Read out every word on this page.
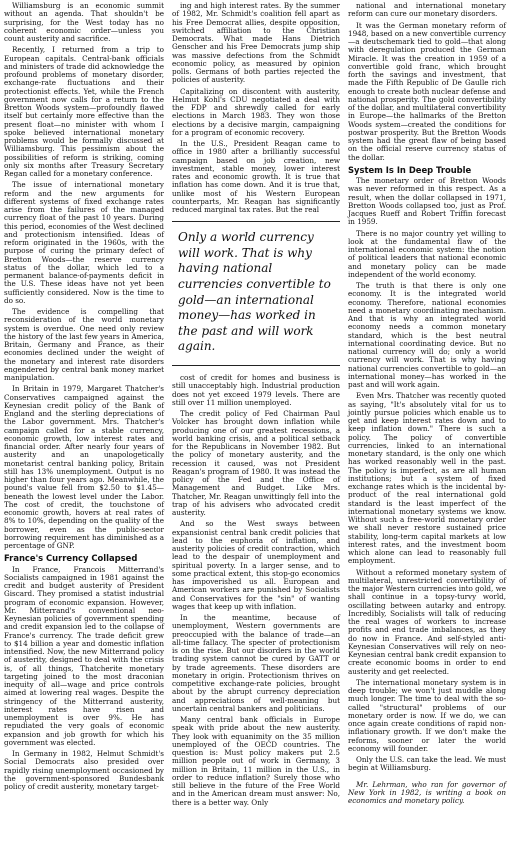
Williamsburg is an economic summit without an agenda. That shouldn't be surprising, for the West today has no coherent economic order—unless you count austerity and sacrifice.

Recently, I returned from a trip to European capitals. Central-bank officials and ministers of trade did acknowledge the profound problems of monetary disorder, exchange-rate fluctuations and their protectionist effects. Yet, while the French government now calls for a return to the Bretton Woods system—profoundly flawed itself but certainly more effective than the present float—no minister with whom I spoke believed international monetary problems would be formally discussed at Williamsburg. This pessimism about the possibilities of reform is striking, coming only six months after Treasury Secretary Regan called for a monetary conference.

The issue of international monetary reform and the new arguments for different systems of fixed exchange rates arise from the failures of the managed currency float of the past 10 years. During this period, economies of the West declined and protectionism intensified. Ideas of reform originated in the 1960s, with the purpose of curing the primary defect of Bretton Woods—the reserve currency status of the dollar, which led to a permanent balance-of-payments deficit in the U.S. These ideas have not yet been sufficiently considered. Now is the time to do so.

The evidence is compelling that reconsideration of the world monetary system is overdue. One need only review the history of the last few years in America, Britain, Germany and France, as their economies declined under the weight of the monetary and interest rate disorders engendered by central bank money market manipulation.

In Britain in 1979, Margaret Thatcher's Conservatives campaigned against the Keynesian credit policy of the Bank of England and the sterling depreciations of the Labor government. Mrs. Thatcher's campaign called for a stable currency, economic growth, low interest rates and financial order. After nearly four years of austerity and an unapologetically monetarist central banking policy, Britain still has 13% unemployment. Output is no higher than four years ago. Meanwhile, the pound's value fell from $2.50 to $1.45—beneath the lowest level under the Labor. The cost of credit, the touchstone of economic growth, hovers at real rates of 8% to 10%, depending on the quality of the borrower, even as the public-sector borrowing requirement has diminished as a percentage of GNP.

France's Currency Collapsed

In France, Francois Mitterrand's Socialists campaigned in 1981 against the credit and budget austerity of President Giscard. They promised a statist industrial program of economic expansion. However, Mr. Mitterrand's conventional neo-Keynesian policies of government spending and credit expansion led to the collapse of France's currency. The trade deficit grew to $14 billion a year and domestic inflation intensified. Now, the new Mitterrand policy of austerity, designed to deal with the crisis is, of all things, Thatcherite monetary targeting joined to the most draconian inequity of all—wage and price controls aimed at lowering real wages. Despite the stringency of the Mitterrand austerity, interest rates have risen and unemployment is over 9%. He has repudiated the very goals of economic expansion and job growth for which his government was elected.

In Germany in 1982, Helmut Schmidt's Social Democrats also presided over rapidly rising unemployment occasioned by the government-sponsored Bundesbank policy of credit austerity, monetary target-

ing and high interest rates. By the summer of 1982, Mr. Schmidt's coalition fell apart as his Free Democrat allies, despite opposition, switched affiliation to the Christian Democrats. What made Hans Dietrich Genscher and his Free Democrats jump ship was massive defections from the Schmidt economic policy, as measured by opinion polls. Germans of both parties rejected the policies of austerity.

Capitalizing on discontent with austerity, Helmut Kohl's CDU negotiated a deal with the FDP and shrewdly called for early elections in March 1983. They won those elections by a decisive margin, campaigning for a program of economic recovery.

In the U.S., President Reagan came to office in 1980 after a brilliantly successful campaign based on job creation, new investment, stable money, lower interest rates and economic growth. It is true that inflation has come down. And it is true that, unlike most of his Western European counterparts, Mr. Reagan has significantly reduced marginal tax rates. But the real

Only a world currency will work. That is why having national currencies convertible to gold—an international money—has worked in the past and will work again.

cost of credit for homes and business is still unacceptably high. Industrial production does not yet exceed 1979 levels. There are still over 11 million unemployed.

The credit policy of Fed Chairman Paul Volcker has brought down inflation while producing one of our greatest recessions, a world banking crisis, and a political setback for the Republicans in November 1982. But the policy of monetary austerity, and the recession it caused, was not President Reagan's program of 1980. It was instead the policy of the Fed and the Office of Management and Budget. Like Mrs. Thatcher, Mr. Reagan unwittingly fell into the trap of his advisers who advocated credit austerity.

And so the West sways between expansionist central bank credit policies that lead to the euphoria of inflation, and austerity policies of credit contraction, which lead to the despair of unemployment and spiritual poverty. In a larger sense, and to some practical extent, this stop-go economics has impoverished us all. European and American workers are punished by Socialists and Conservatives for the "sin" of wanting wages that keep up with inflation.

In the meantime, because of unemployment, Western governments are preoccupied with the balance of trade—an all-time fallacy. The specter of protectionism is on the rise. But our disorders in the world trading system cannot be cured by GATT or by trade agreements. These disorders are monetary in origin. Protectionism thrives on competitive exchange-rate policies, brought about by the abrupt currency depreciation and appreciations of well-meaning but uncertain central bankers and politicians.

Many central bank officials in Europe speak with pride about the new austerity. They look with equanimity on the 35 million unemployed of the OECD countries. The question is: Must policy makers put 2.5 million people out of work in Germany, 3 million in Britain, 11 million in the U.S., in order to reduce inflation? Surely those who still believe in the future of the Free World and in the American dream must answer: No, there is a better way. Only

national and international monetary reform can cure our monetary disorders.

It was the German monetary reform of 1948, based on a new convertible currency—a deutschemark tied to gold—that along with deregulation produced the German Miracle. It was the creation in 1959 of a convertible gold franc, which brought forth the savings and investment, that made the Fifth Republic of De Gaulle rich enough to create both nuclear defense and national prosperity. The gold convertibility of the dollar, and multilateral convertibility in Europe—the hallmarks of the Bretton Woods system—created the conditions for postwar prosperity. But the Bretton Woods system had the great flaw of being based on the official reserve currency status of the dollar.

System Is In Deep Trouble

The monetary order of Bretton Woods was never reformed in this respect. As a result, when the dollar collapsed in 1971, Bretton Woods collapsed too, just as Prof. Jacques Rueff and Robert Triffin forecast in 1959.

There is no major country yet willing to look at the fundamental flaw of the international economic system: the notion of political leaders that national economic and monetary policy can be made independent of the world economy.

The truth is that there is only one economy. It is the integrated world economy. Therefore, national economies need a monetary coordinating mechanism. And that is why an integrated world economy needs a common monetary standard, which is the best neutral international coordinating device. But no national currency will do; only a world currency will work. That is why having national currencies convertible to gold—an international money—has worked in the past and will work again.

Even Mrs. Thatcher was recently quoted as saying, "It's absolutely vital for us to jointly pursue policies which enable us to get and keep interest rates down and to keep inflation down." There is such a policy. The policy of convertible currencies, linked to an international monetary standard, is the only one which has worked reasonably well in the past. The policy is imperfect, as are all human institutions; but a system of fixed exchange rates which is the incidental by-product of the real international gold standard is the least imperfect of the international monetary systems we know. Without such a free-world monetary order we shall never restore sustained price stability, long-term capital markets at low interest rates, and the investment boom which alone can lead to reasonably full employment.

Without a reformed monetary system of multilateral, unrestricted convertibility of the major Western currencies into gold, we shall continue in a topsy-turvy world, oscillating between autarky and entropy. Incredibly, Socialists will talk of reducing the real wages of workers to increase profits and end trade imbalances, as they do now in France. And self-styled anti-Keynesian Conservatives will rely on neo-Keynesian central bank credit expansion to create economic booms in order to end austerity and get reelected.

The international monetary system is in deep trouble; we won't just muddle along much longer. The time to deal with the so-called "structural" problems of our monetary order is now. If we do, we can once again create conditions of rapid non-inflationary growth. If we don't make the reforms, sooner or later the world economy will founder.

Only the U.S. can take the lead. We must begin at Williamsburg.

Mr. Lehrman, who ran for governor of New York in 1982, is writing a book on economics and monetary policy.
